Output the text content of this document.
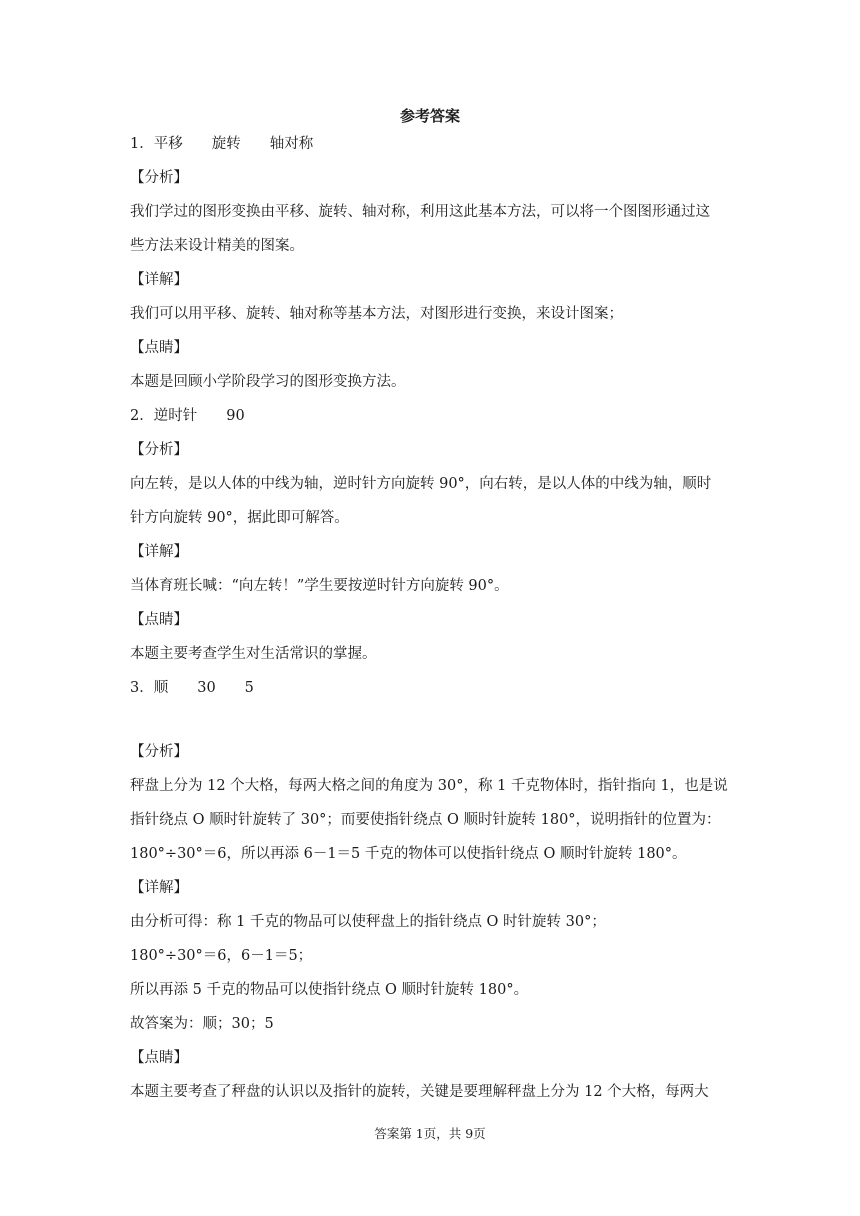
参考答案
1．平移　　旋转　　轴对称
【分析】
我们学过的图形变换由平移、旋转、轴对称，利用这此基本方法，可以将一个图图形通过这
些方法来设计精美的图案。
【详解】
我们可以用平移、旋转、轴对称等基本方法，对图形进行变换，来设计图案；
【点睛】
本题是回顾小学阶段学习的图形变换方法。
2．逆时针　　90
【分析】
向左转，是以人体的中线为轴，逆时针方向旋转 90°，向右转，是以人体的中线为轴，顺时
针方向旋转 90°，据此即可解答。
【详解】
当体育班长喊：“向左转！”学生要按逆时针方向旋转 90°。
【点睛】
本题主要考查学生对生活常识的掌握。
3．顺　　30　　5
【分析】
秤盘上分为 12 个大格，每两大格之间的角度为 30°，称 1 千克物体时，指针指向 1，也是说
指针绕点 O 顺时针旋转了 30°；而要使指针绕点 O 顺时针旋转 180°，说明指针的位置为：
180°÷30°＝6，所以再添 6－1＝5 千克的物体可以使指针绕点 O 顺时针旋转 180°。
【详解】
由分析可得：称 1 千克的物品可以使秤盘上的指针绕点 O 时针旋转 30°；
180°÷30°＝6，6－1＝5；
所以再添 5 千克的物品可以使指针绕点 O 顺时针旋转 180°。
故答案为：顺；30；5
【点睛】
本题主要考查了秤盘的认识以及指针的旋转，关键是要理解秤盘上分为 12 个大格，每两大
答案第 1页，共 9页
